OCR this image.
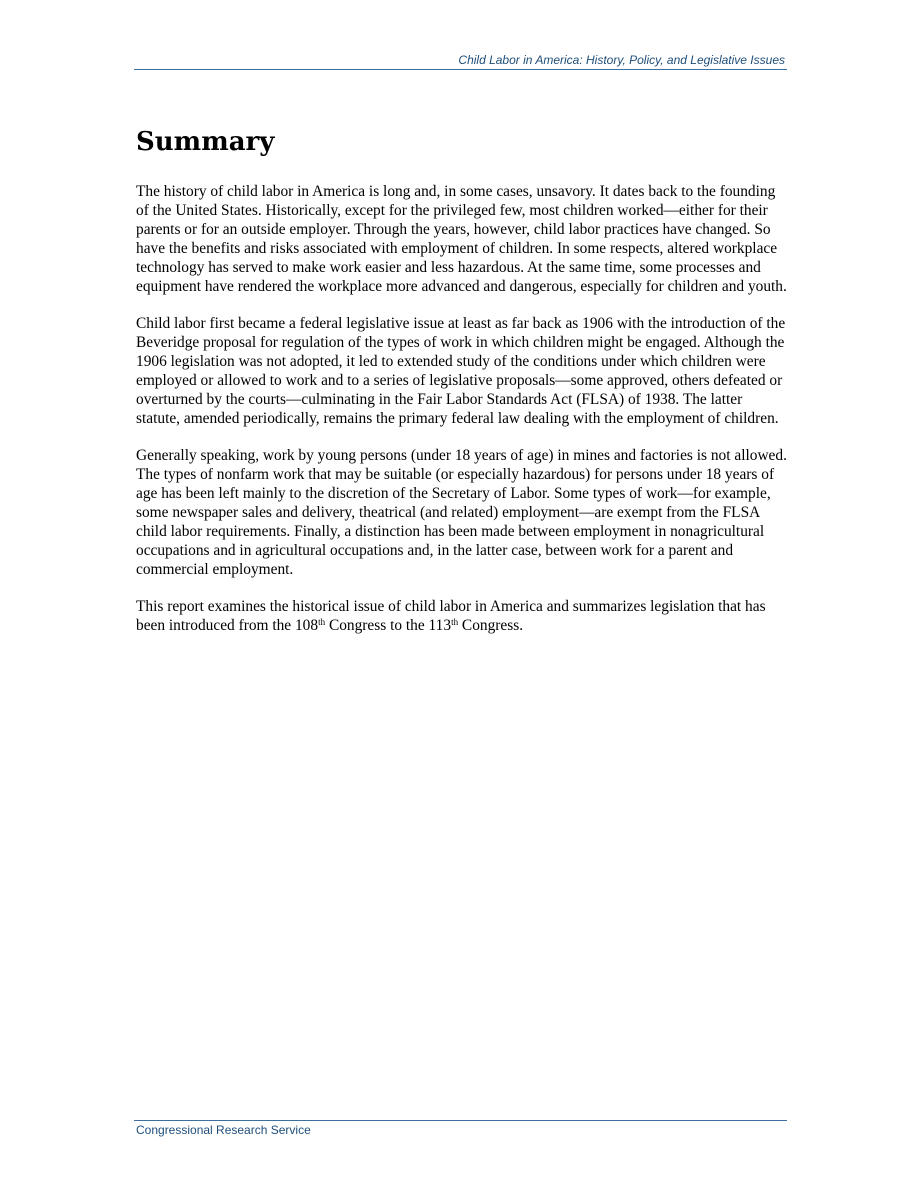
Child Labor in America: History, Policy, and Legislative Issues
Summary

The history of child labor in America is long and, in some cases, unsavory. It dates back to the founding of the United States. Historically, except for the privileged few, most children worked—either for their parents or for an outside employer. Through the years, however, child labor practices have changed. So have the benefits and risks associated with employment of children. In some respects, altered workplace technology has served to make work easier and less hazardous. At the same time, some processes and equipment have rendered the workplace more advanced and dangerous, especially for children and youth.

Child labor first became a federal legislative issue at least as far back as 1906 with the introduction of the Beveridge proposal for regulation of the types of work in which children might be engaged. Although the 1906 legislation was not adopted, it led to extended study of the conditions under which children were employed or allowed to work and to a series of legislative proposals—some approved, others defeated or overturned by the courts—culminating in the Fair Labor Standards Act (FLSA) of 1938. The latter statute, amended periodically, remains the primary federal law dealing with the employment of children.

Generally speaking, work by young persons (under 18 years of age) in mines and factories is not allowed. The types of nonfarm work that may be suitable (or especially hazardous) for persons under 18 years of age has been left mainly to the discretion of the Secretary of Labor. Some types of work—for example, some newspaper sales and delivery, theatrical (and related) employment—are exempt from the FLSA child labor requirements. Finally, a distinction has been made between employment in nonagricultural occupations and in agricultural occupations and, in the latter case, between work for a parent and commercial employment.

This report examines the historical issue of child labor in America and summarizes legislation that has been introduced from the 108th Congress to the 113th Congress.

Congressional Research Service
